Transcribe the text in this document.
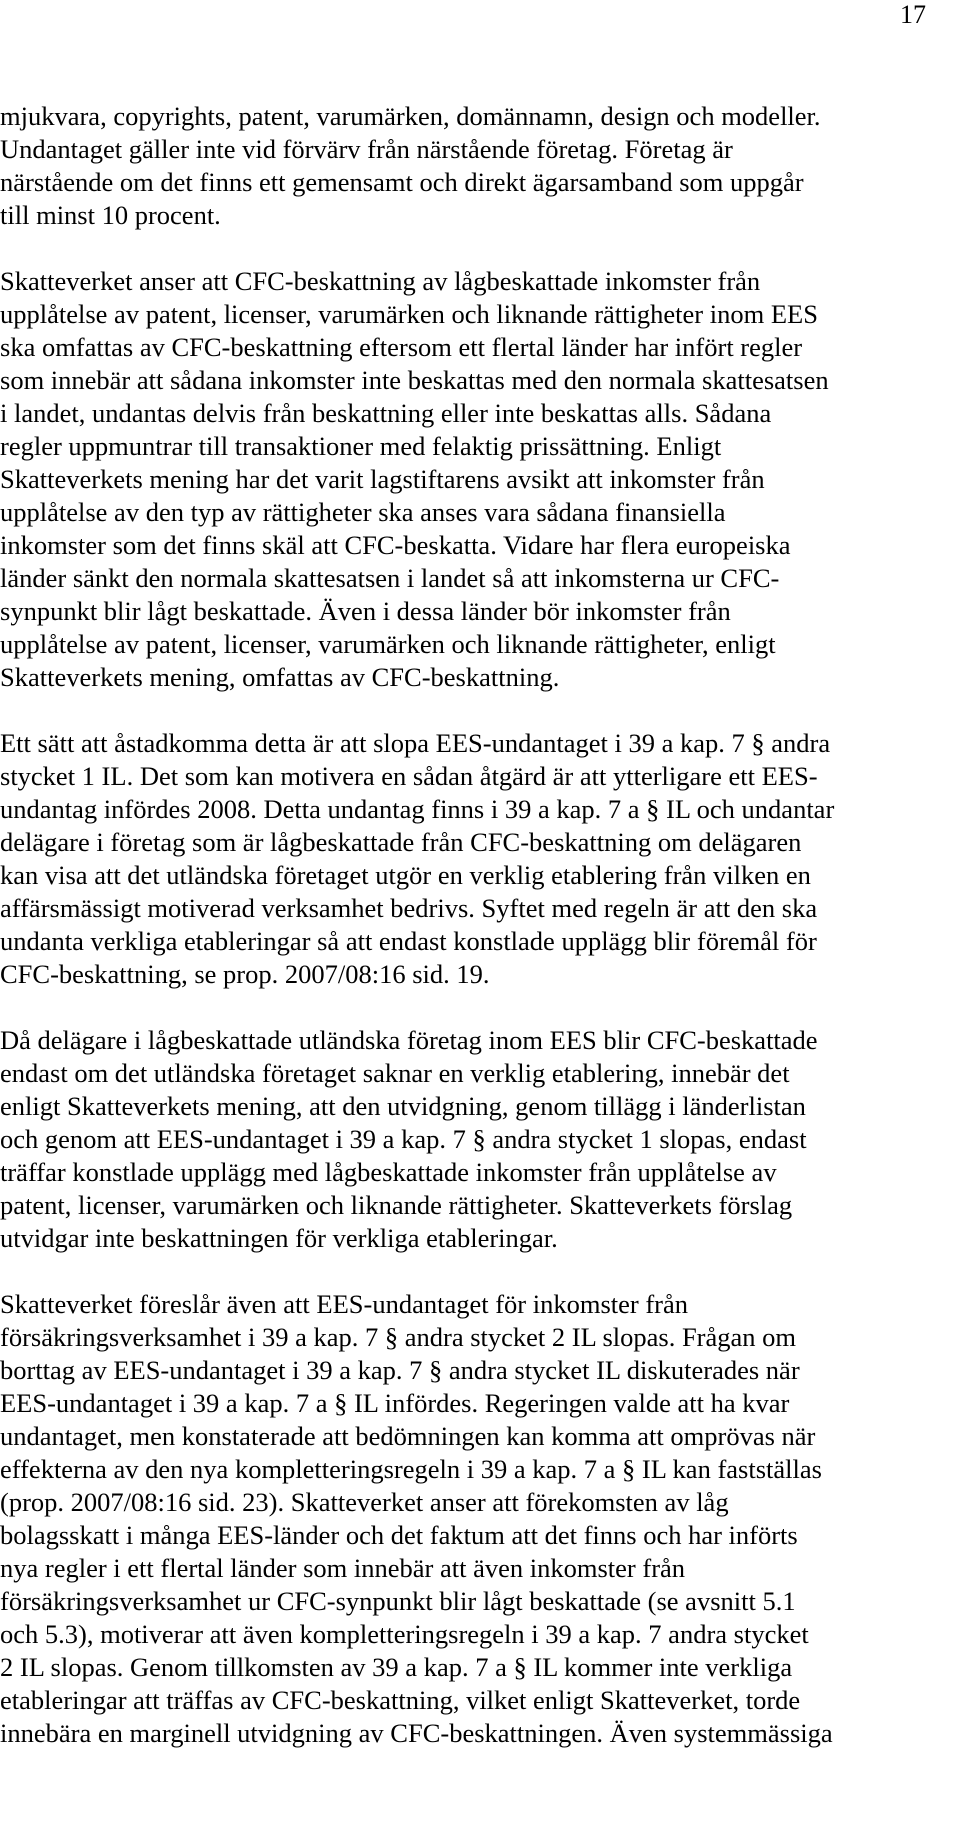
17
mjukvara, copyrights, patent, varumärken, domännamn, design och modeller.
Undantaget gäller inte vid förvärv från närstående företag. Företag är
närstående om det finns ett gemensamt och direkt ägarsamband som uppgår
till minst 10 procent.
Skatteverket anser att CFC-beskattning av lågbeskattade inkomster från
upplåtelse av patent, licenser, varumärken och liknande rättigheter inom EES
ska omfattas av CFC-beskattning eftersom ett flertal länder har infört regler
som innebär att sådana inkomster inte beskattas med den normala skattesatsen
i landet, undantas delvis från beskattning eller inte beskattas alls. Sådana
regler uppmuntrar till transaktioner med felaktig prissättning. Enligt
Skatteverkets mening har det varit lagstiftarens avsikt att inkomster från
upplåtelse av den typ av rättigheter ska anses vara sådana finansiella
inkomster som det finns skäl att CFC-beskatta. Vidare har flera europeiska
länder sänkt den normala skattesatsen i landet så att inkomsterna ur CFC-
synpunkt blir lågt beskattade. Även i dessa länder bör inkomster från
upplåtelse av patent, licenser, varumärken och liknande rättigheter, enligt
Skatteverkets mening, omfattas av CFC-beskattning.
Ett sätt att åstadkomma detta är att slopa EES-undantaget i 39 a kap. 7 § andra
stycket 1 IL. Det som kan motivera en sådan åtgärd är att ytterligare ett EES-
undantag infördes 2008. Detta undantag finns i 39 a kap. 7 a § IL och undantar
delägare i företag som är lågbeskattade från CFC-beskattning om delägaren
kan visa att det utländska företaget utgör en verklig etablering från vilken en
affärsmässigt motiverad verksamhet bedrivs. Syftet med regeln är att den ska
undanta verkliga etableringar så att endast konstlade upplägg blir föremål för
CFC-beskattning, se prop. 2007/08:16 sid. 19.
Då delägare i lågbeskattade utländska företag inom EES blir CFC-beskattade
endast om det utländska företaget saknar en verklig etablering, innebär det
enligt Skatteverkets mening, att den utvidgning, genom tillägg i länderlistan
och genom att EES-undantaget i 39 a kap. 7 § andra stycket 1 slopas, endast
träffar konstlade upplägg med lågbeskattade inkomster från upplåtelse av
patent, licenser, varumärken och liknande rättigheter. Skatteverkets förslag
utvidgar inte beskattningen för verkliga etableringar.
Skatteverket föreslår även att EES-undantaget för inkomster från
försäkringsverksamhet i 39 a kap. 7 § andra stycket 2 IL slopas. Frågan om
borttag av EES-undantaget i 39 a kap. 7 § andra stycket IL diskuterades när
EES-undantaget i 39 a kap. 7 a § IL infördes. Regeringen valde att ha kvar
undantaget, men konstaterade att bedömningen kan komma att omprövas när
effekterna av den nya kompletteringsregeln i 39 a kap. 7 a § IL kan fastställas
(prop. 2007/08:16 sid. 23). Skatteverket anser att förekomsten av låg
bolagsskatt i många EES-länder och det faktum att det finns och har införts
nya regler i ett flertal länder som innebär att även inkomster från
försäkringsverksamhet ur CFC-synpunkt blir lågt beskattade (se avsnitt 5.1
och 5.3), motiverar att även kompletteringsregeln i 39 a kap. 7 andra stycket
2 IL slopas. Genom tillkomsten av 39 a kap. 7 a § IL kommer inte verkliga
etableringar att träffas av CFC-beskattning, vilket enligt Skatteverket, torde
innebära en marginell utvidgning av CFC-beskattningen. Även systemmässiga
